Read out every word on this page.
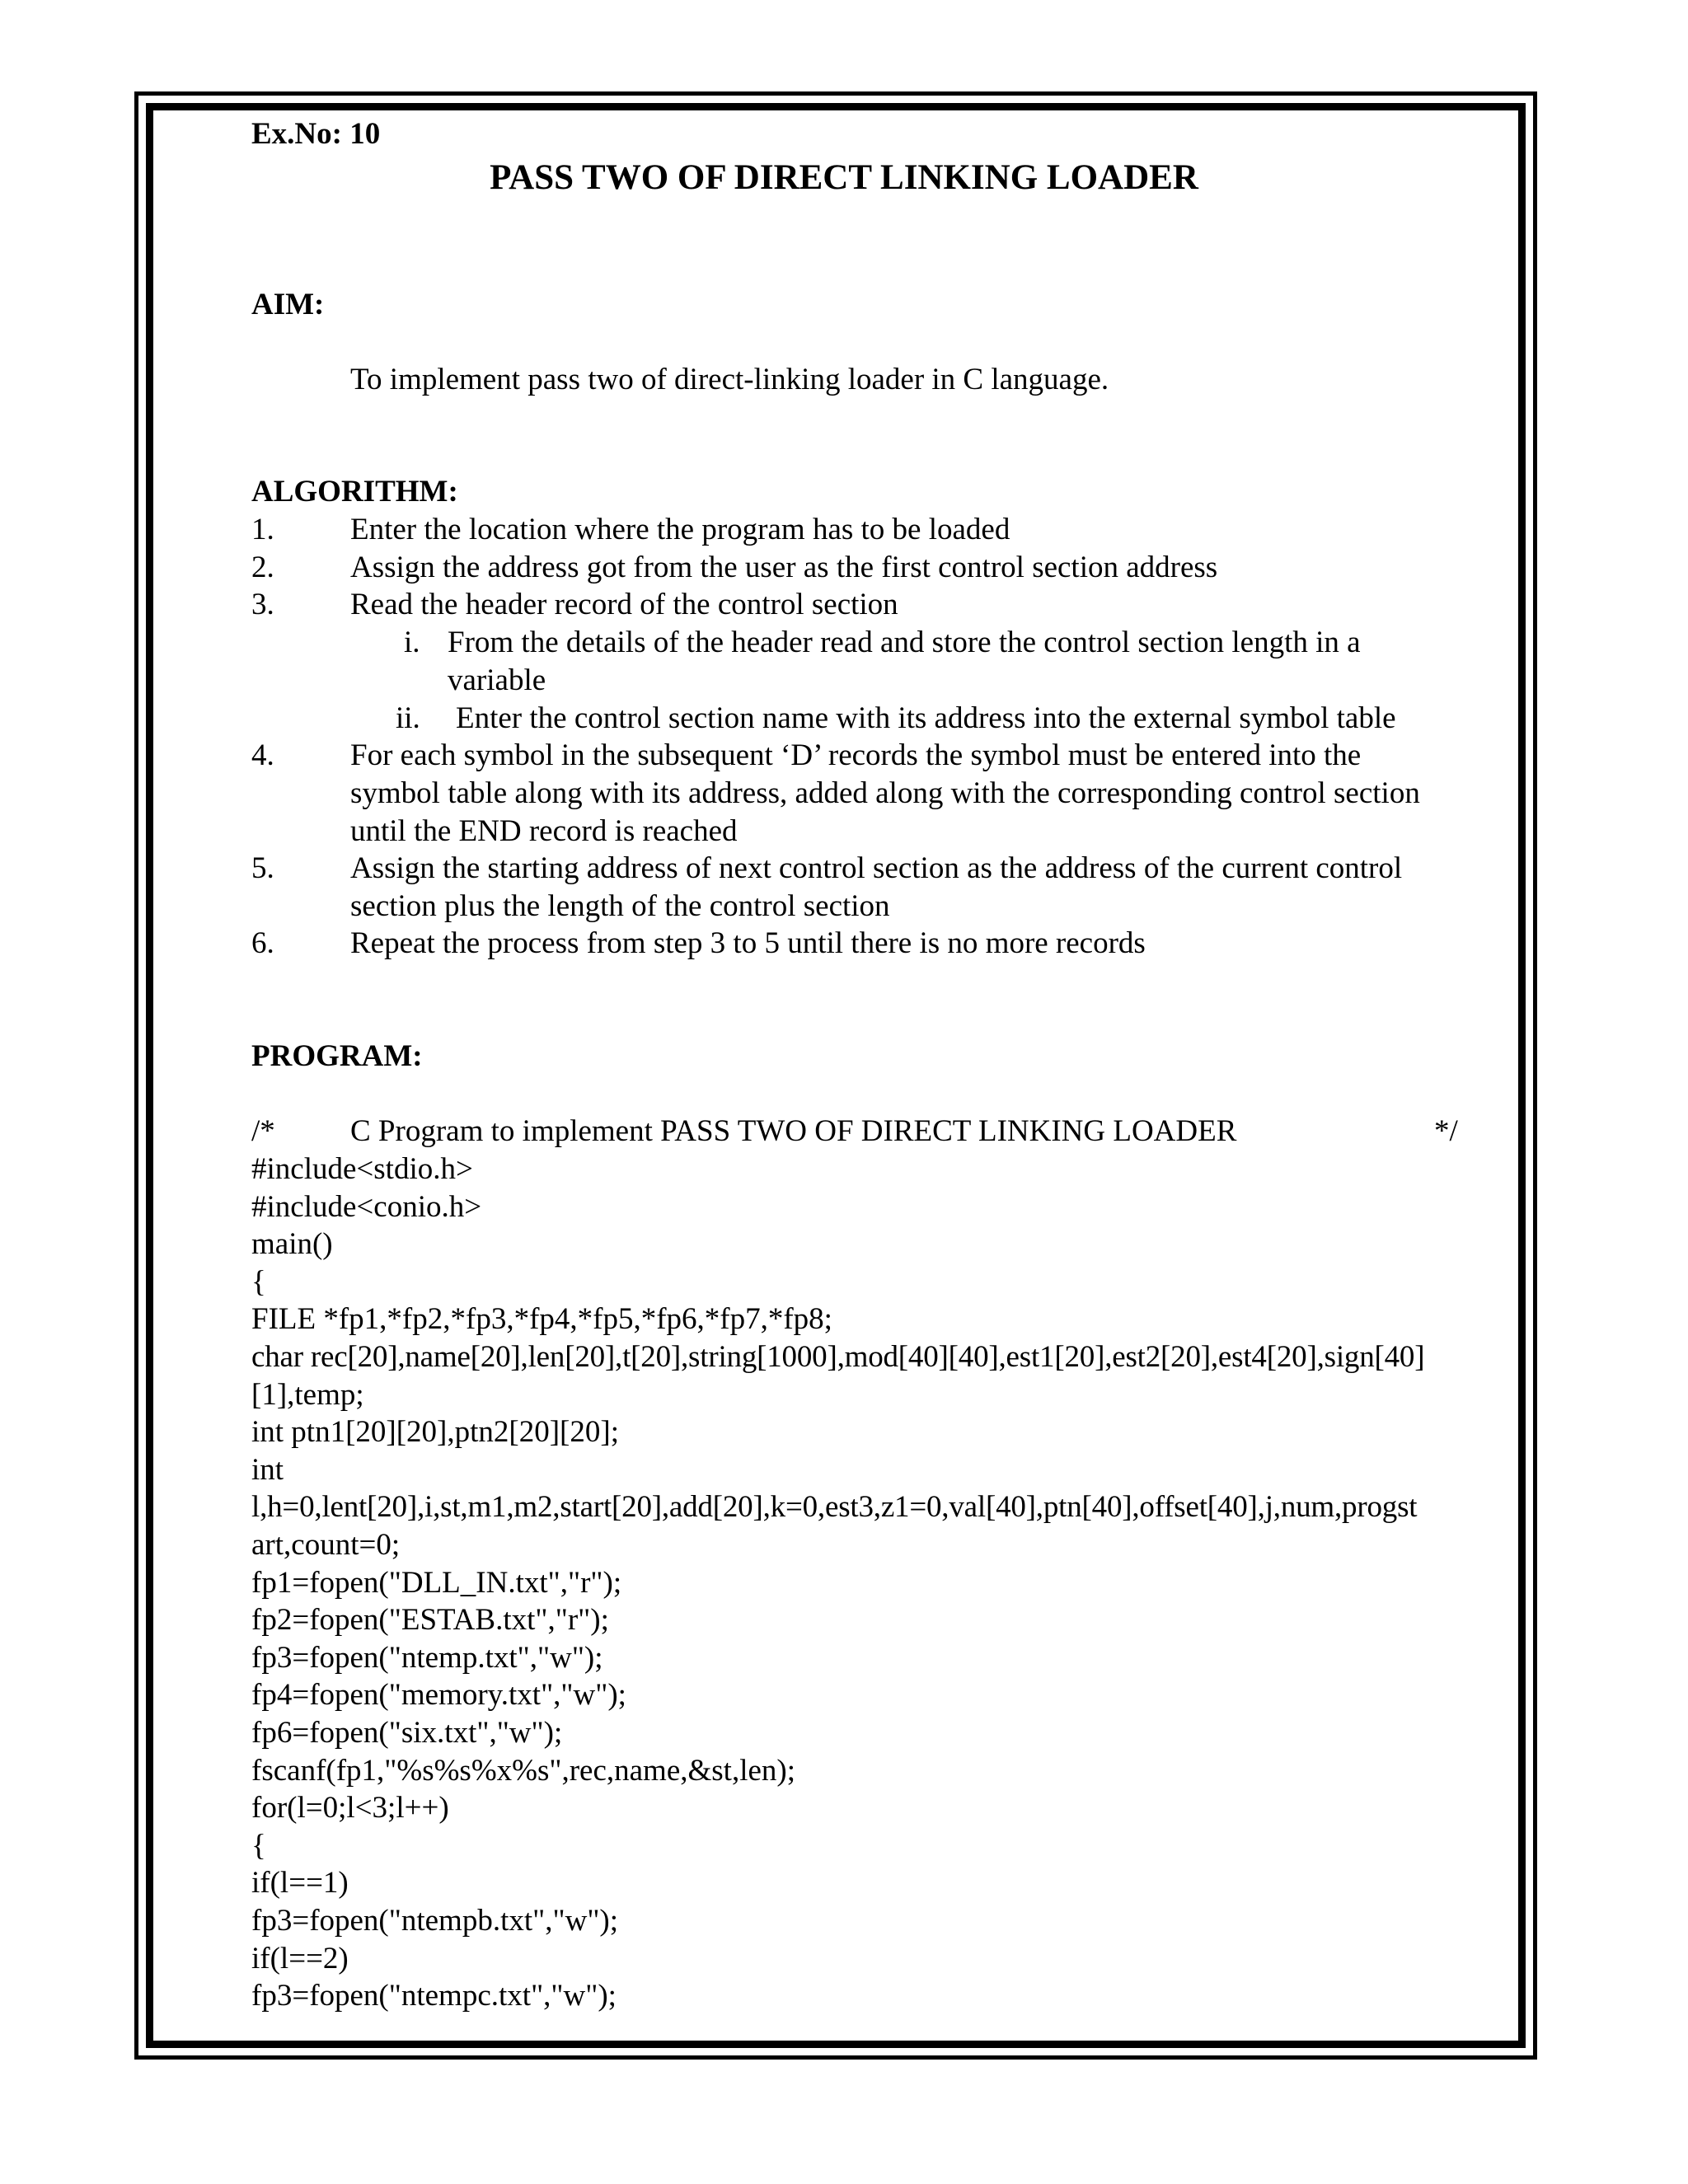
Ex.No: 10
PASS TWO OF DIRECT LINKING LOADER
AIM:
To implement pass two of direct-linking loader in C language.
ALGORITHM:
1. Enter the location where the program has to be loaded
2. Assign the address got from the user as the first control section address
3. Read the header record of the control section
i. From the details of the header read and store the control section length in a
variable
ii. Enter the control section name with its address into the external symbol table
4. For each symbol in the subsequent ‘D’ records the symbol must be entered into the
symbol table along with its address, added along with the corresponding control section
until the END record is reached
5. Assign the starting address of next control section as the address of the current control
section plus the length of the control section
6. Repeat the process from step 3 to 5 until there is no more records
PROGRAM:
/* C Program to implement PASS TWO OF DIRECT LINKING LOADER	*/
#include<stdio.h>
#include<conio.h>
main()
{
FILE *fp1,*fp2,*fp3,*fp4,*fp5,*fp6,*fp7,*fp8;
char rec[20],name[20],len[20],t[20],string[1000],mod[40][40],est1[20],est2[20],est4[20],sign[40]
[1],temp;
int ptn1[20][20],ptn2[20][20];
int
l,h=0,lent[20],i,st,m1,m2,start[20],add[20],k=0,est3,z1=0,val[40],ptn[40],offset[40],j,num,progst
art,count=0;
fp1=fopen("DLL_IN.txt","r");
fp2=fopen("ESTAB.txt","r");
fp3=fopen("ntemp.txt","w");
fp4=fopen("memory.txt","w");
fp6=fopen("six.txt","w");
fscanf(fp1,"%s%s%x%s",rec,name,&st,len);
for(l=0;l<3;l++)
{
if(l==1)
fp3=fopen("ntempb.txt","w");
if(l==2)
fp3=fopen("ntempc.txt","w");
